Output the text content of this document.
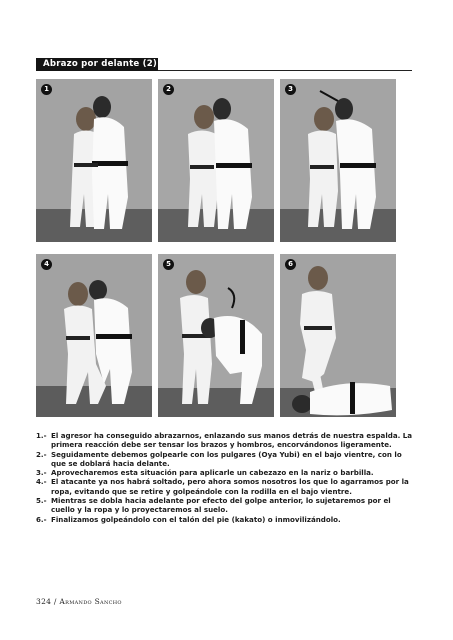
Abrazo por delante (2)
1	2	3
4	5	6
1.- El agresor ha conseguido abrazarnos, enlazando sus manos detrás de nuestra espalda. La primera reacción debe ser tensar los brazos y hombros, encorvándonos ligeramente.
2.- Seguidamente debemos golpearle con los pulgares (Oya Yubi) en el bajo vientre, con lo que se doblará hacia delante.
3.- Aprovecharemos esta situación para aplicarle un cabezazo en la nariz o barbilla.
4.- El atacante ya nos habrá soltado, pero ahora somos nosotros los que lo agarramos por la ropa, evitando que se retire y golpeándole con la rodilla en el bajo vientre.
5.- Mientras se dobla hacia adelante por efecto del golpe anterior, lo sujetaremos por el cuello y la ropa y lo proyectaremos al suelo.
6.- Finalizamos golpeándolo con el talón del pie (kakato) o inmovilizándolo.
324 / Armando Sancho
